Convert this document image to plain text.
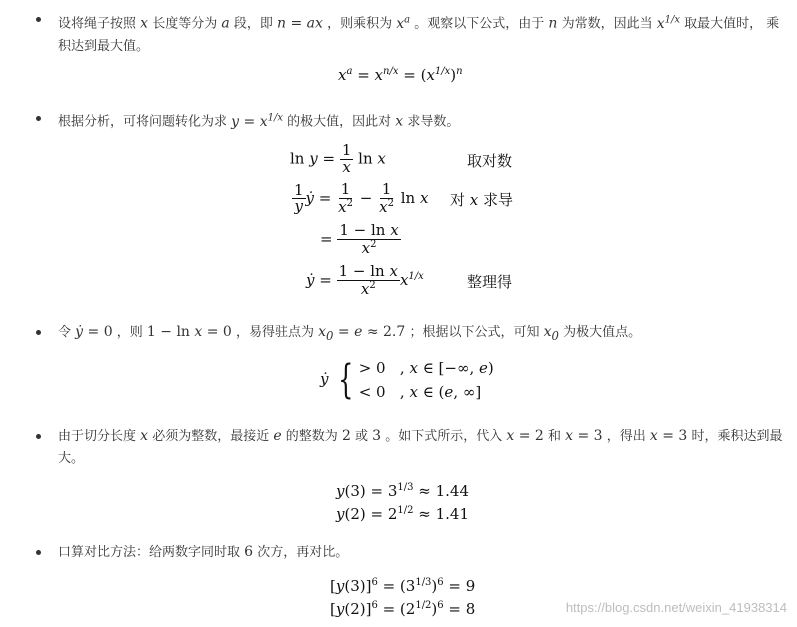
设将绳子按照 x 长度等分为 a 段，即 n = ax ，则乘积为 $x^a$ 。观察以下公式，由于 n 为常数，因此当 $x^{1/x}$ 取最大值时， 乘积达到最大值。
$x^a = x^{n/x} = (x^{1/x})^n$
根据分析，可将问题转化为求 $y = x^{1/x}$ 的极大值，因此对 x 求导数。
$\ln y = \frac{1}{x}$ ln x	取对数
$\frac{1}{y}$ ẏ = $\frac{1}{x^2} - \frac{1}{x^2}$ ln x 对 x 求导
= $\frac{\text{1 − ln x}}{x^2}$
ẏ = $\frac{\text{1 − ln x}}{x^2} x^{1/x}$	整理得
令 ẏ = 0 ，则 1 − ln x = 0 ，易得驻点为 $x_0 = e \approx 2.7$ ；根据以下公式，可知 $x_0$ 为极大值点。
ẏ { > 0   , x ∈ [−∞, e)
< 0   , x ∈ (e, ∞]
由于切分长度 x 必须为整数，最接近 e 的整数为 2 或 3 。如下式所示，代入 x = 2 和 x = 3 ，得出 x = 3 时，乘积达到最大。
$y(3) = 3^{1/3} \approx 1.44$
$y(2) = 2^{1/2} \approx 1.41$
口算对比方法：给两数字同时取 6 次方，再对比。
$[y(3)]^6 = (3^{1/3})^6 = 9$
$[y(2)]^6 = (2^{1/2})^6 = 8$	https://blog.csdn.net/weixin_41938314
